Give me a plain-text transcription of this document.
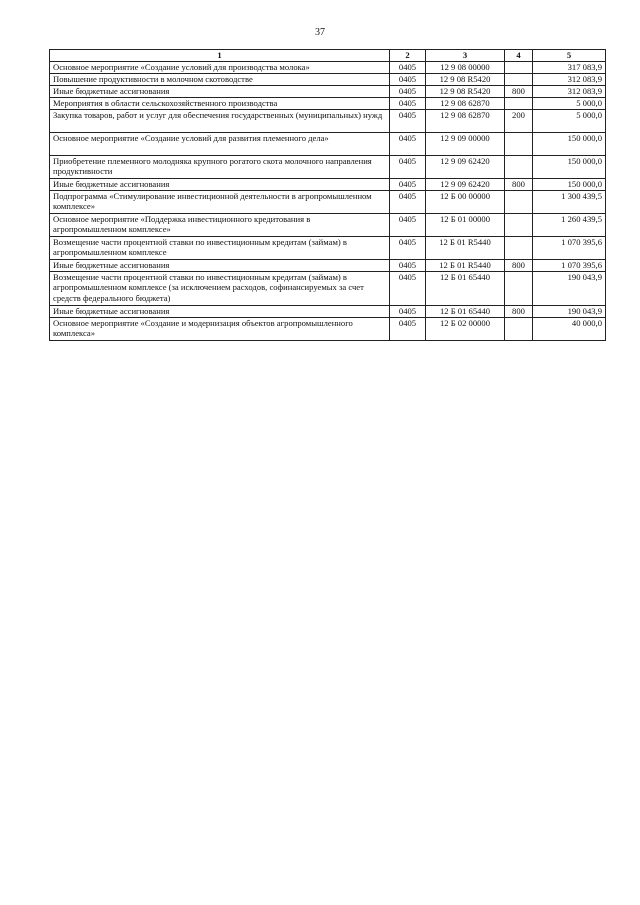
37
1	2	3	4	5
Основное мероприятие «Создание условий для производства молока»	0405	12 9 08 00000		317 083,9
Повышение продуктивности в молочном скотоводстве	0405	12 9 08 R5420		312 083,9
Иные бюджетные ассигнования	0405	12 9 08 R5420	800	312 083,9
Мероприятия в области сельскохозяйственного производства	0405	12 9 08 62870		5 000,0
Закупка товаров, работ и услуг для обеспечения государственных (муниципальных) нужд	0405	12 9 08 62870	200	5 000,0
Основное мероприятие «Создание условий для развития племенного дела»	0405	12 9 09 00000		150 000,0
Приобретение племенного молодняка крупного рогатого скота молочного направления продуктивности	0405	12 9 09 62420		150 000,0
Иные бюджетные ассигнования	0405	12 9 09 62420	800	150 000,0
Подпрограмма «Стимулирование инвестиционной деятельности в агропромышленном комплексе»	0405	12 Б 00 00000		1 300 439,5
Основное мероприятие «Поддержка инвестиционного кредитования в агропромышленном комплексе»	0405	12 Б 01 00000		1 260 439,5
Возмещение части процентной ставки по инвестиционным кредитам (займам) в агропромышленном комплексе	0405	12 Б 01 R5440		1 070 395,6
Иные бюджетные ассигнования	0405	12 Б 01 R5440	800	1 070 395,6
Возмещение части процентной ставки по инвестиционным кредитам (займам) в агропромышленном комплексе (за исключением расходов, софинансируемых за счет средств федерального бюджета)	0405	12 Б 01 65440		190 043,9
Иные бюджетные ассигнования	0405	12 Б 01 65440	800	190 043,9
Основное мероприятие «Создание и модернизация объектов агропромышленного комплекса»	0405	12 Б 02 00000		40 000,0
